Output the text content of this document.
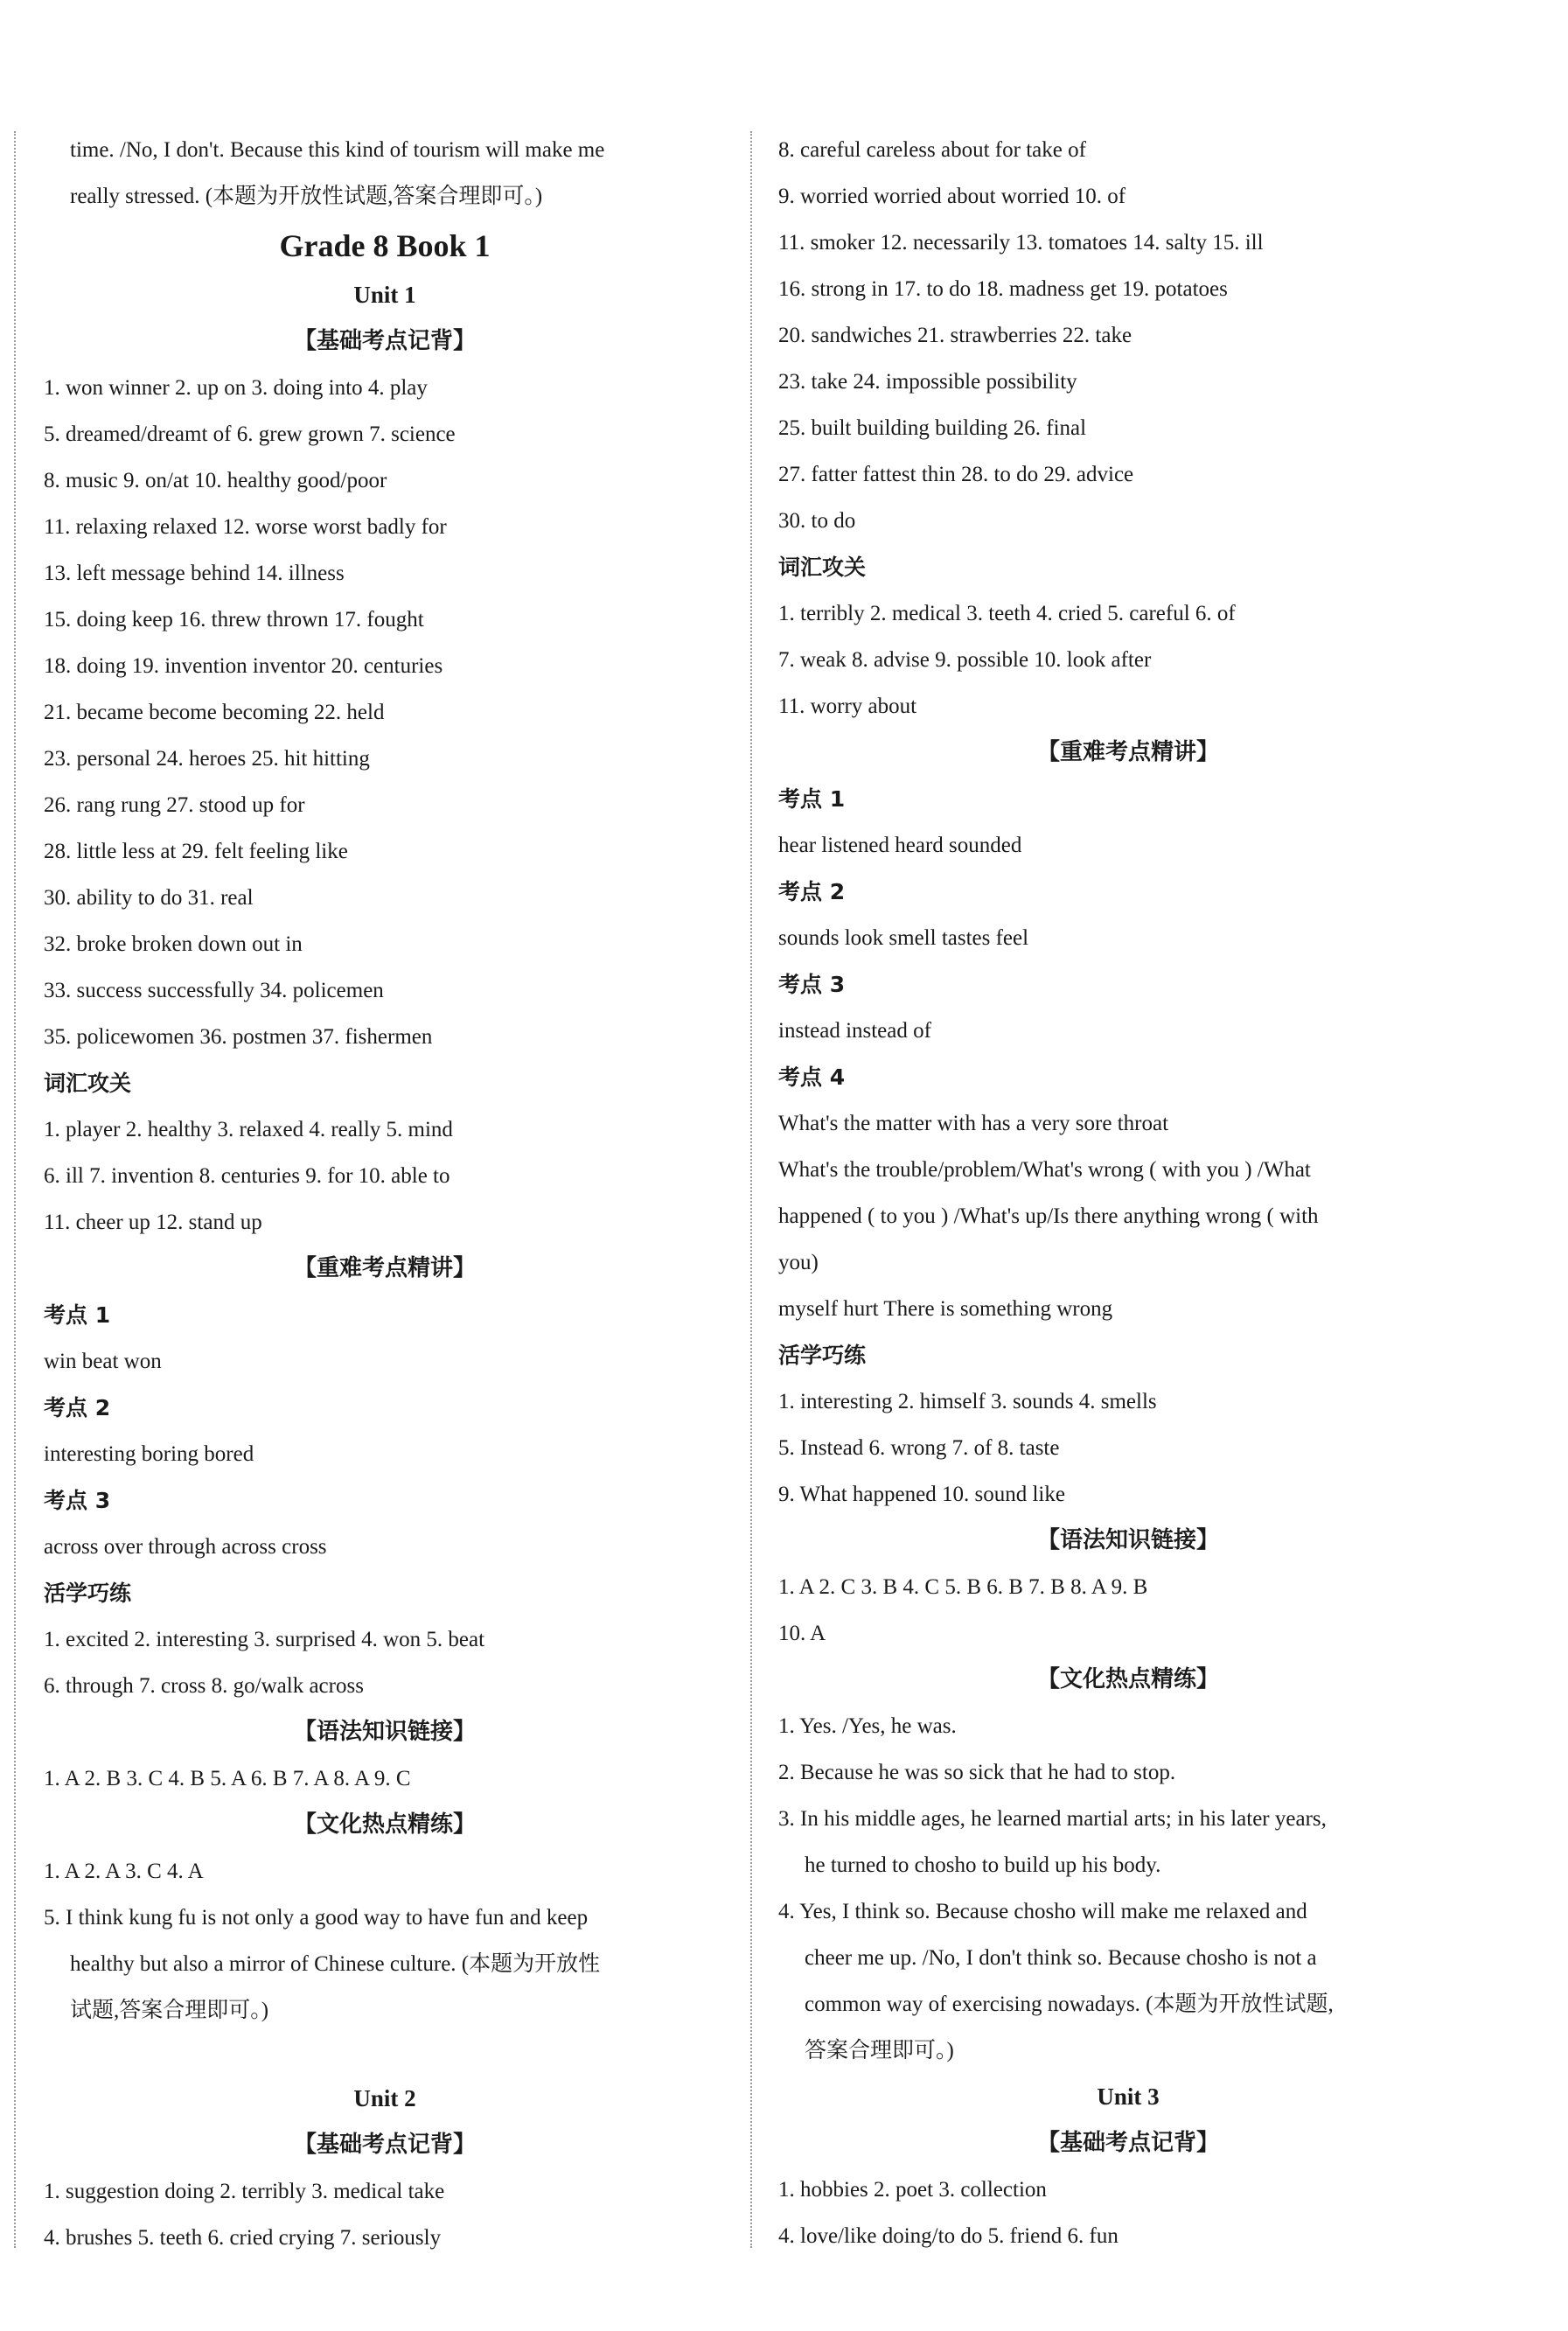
time. /No, I don't. Because this kind of tourism will make me
really stressed. (本题为开放性试题,答案合理即可。)
Grade 8 Book 1
Unit 1
【基础考点记背】
1. won winner 2. up on 3. doing into 4. play
5. dreamed/dreamt of 6. grew grown 7. science
8. music 9. on/at 10. healthy good/poor
11. relaxing relaxed 12. worse worst badly for
13. left message behind 14. illness
15. doing keep 16. threw thrown 17. fought
18. doing 19. invention inventor 20. centuries
21. became become becoming 22. held
23. personal 24. heroes 25. hit hitting
26. rang rung 27. stood up for
28. little less at 29. felt feeling like
30. ability to do 31. real
32. broke broken down out in
33. success successfully 34. policemen
35. policewomen 36. postmen 37. fishermen
词汇攻关
1. player 2. healthy 3. relaxed 4. really 5. mind
6. ill 7. invention 8. centuries 9. for 10. able to
11. cheer up 12. stand up
【重难考点精讲】
考点 1
win beat won
考点 2
interesting boring bored
考点 3
across over through across cross
活学巧练
1. excited 2. interesting 3. surprised 4. won 5. beat
6. through 7. cross 8. go/walk across
【语法知识链接】
1. A 2. B 3. C 4. B 5. A 6. B 7. A 8. A 9. C
【文化热点精练】
1. A 2. A 3. C 4. A
5. I think kung fu is not only a good way to have fun and keep
healthy but also a mirror of Chinese culture. (本题为开放性
试题,答案合理即可。)
Unit 2
【基础考点记背】
1. suggestion doing 2. terribly 3. medical take
4. brushes 5. teeth 6. cried crying 7. seriously
8. careful careless about for take of
9. worried worried about worried 10. of
11. smoker 12. necessarily 13. tomatoes 14. salty 15. ill
16. strong in 17. to do 18. madness get 19. potatoes
20. sandwiches 21. strawberries 22. take
23. take 24. impossible possibility
25. built building building 26. final
27. fatter fattest thin 28. to do 29. advice
30. to do
词汇攻关
1. terribly 2. medical 3. teeth 4. cried 5. careful 6. of
7. weak 8. advise 9. possible 10. look after
11. worry about
【重难考点精讲】
考点 1
hear listened heard sounded
考点 2
sounds look smell tastes feel
考点 3
instead instead of
考点 4
What's the matter with has a very sore throat
What's the trouble/problem/What's wrong ( with you ) /What
happened ( to you ) /What's up/Is there anything wrong ( with
you)
myself hurt There is something wrong
活学巧练
1. interesting 2. himself 3. sounds 4. smells
5. Instead 6. wrong 7. of 8. taste
9. What happened 10. sound like
【语法知识链接】
1. A 2. C 3. B 4. C 5. B 6. B 7. B 8. A 9. B
10. A
【文化热点精练】
1. Yes. /Yes, he was.
2. Because he was so sick that he had to stop.
3. In his middle ages, he learned martial arts; in his later years,
he turned to chosho to build up his body.
4. Yes, I think so. Because chosho will make me relaxed and
cheer me up. /No, I don't think so. Because chosho is not a
common way of exercising nowadays. (本题为开放性试题,
答案合理即可。)
Unit 3
【基础考点记背】
1. hobbies 2. poet 3. collection
4. love/like doing/to do 5. friend 6. fun
